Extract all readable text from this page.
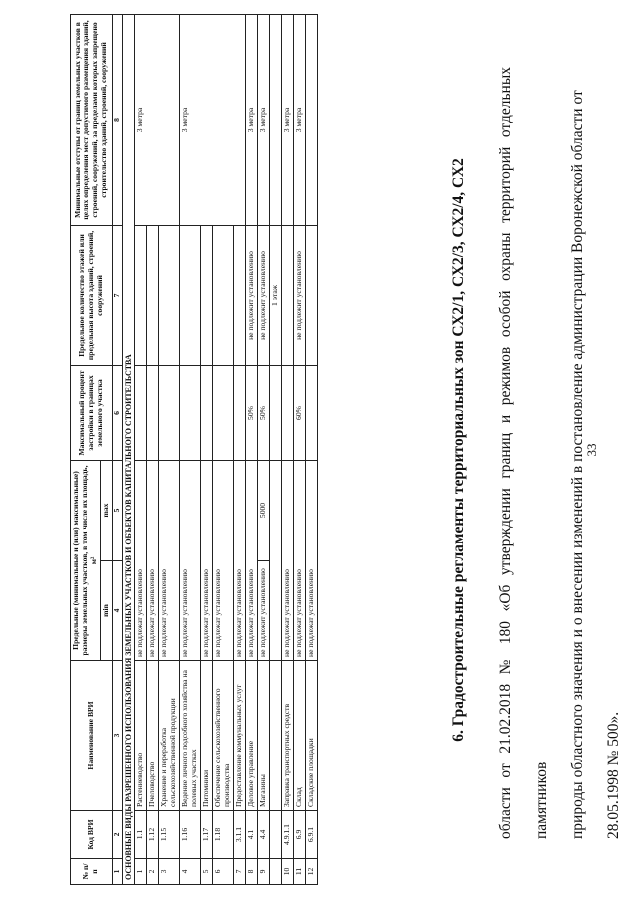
33

области от 21.02.2018 № 180 «Об утверждении границ и режимов особой охраны территорий отдельных памятников	природы областного значения и о внесении изменений в постановление администрации Воронежской области от	28.05.1998 № 500».

6. Градостроительные регламенты территориальных зон СХ2/1, СХ2/3, СХ2/4, СХ2
№ п/п	Код ВРИ	Наименование ВРИ	Предельные (минимальные и (или) максимальные) размеры земельных участков, в том числе их площадь, м²		Максимальный процент застройки в границах земельного участка	Предельное количество этажей или предельная высота зданий, строений, сооружений	Минимальные отступы от границ земельных участков в целях определения мест допустимого размещения зданий, строений, сооружений, за пределами которых запрещено строительство зданий, строений, сооружений
			min	max			
1	2	3	4	5	6	7	8
ОСНОВНЫЕ ВИДЫ РАЗРЕШЕННОГО ИСПОЛЬЗОВАНИЯ ЗЕМЕЛЬНЫХ УЧАСТКОВ И ОБЪЕКТОВ КАПИТАЛЬНОГО СТРОИТЕЛЬСТВА							
1	1.1	Растениеводство	не подлежат установлению				3 метра
2	1.12	Пчеловодство	не подлежат установлению				
3	1.15	Хранение и переработка сельскохозяйственной продукции	не подлежат установлению				
4	1.16	Ведение личного подсобного хозяйства на полевых участках	не подлежат установлению				3 метра
5	1.17	Питомники	не подлежат установлению				
6	1.18	Обеспечение сельскохозяйственного производства	не подлежат установлению				
7	3.1.1	Предоставление коммунальных услуг	не подлежат установлению				
8	4.1	Деловое управление	не подлежат установлению		50%	не подлежит установлению	3 метра
9	4.4	Магазины	не подлежит установлению	5000	50%	не подлежит установлению	3 метра
						1 этаж	
10	4.9.1.1	Заправка транспортных средств	не подлежат установлению				3 метра
11	6.9	Склад	не подлежат установлению		60%	не подлежит установлению	3 метра
12	6.9.1	Складские площадки	не подлежат установлению				
